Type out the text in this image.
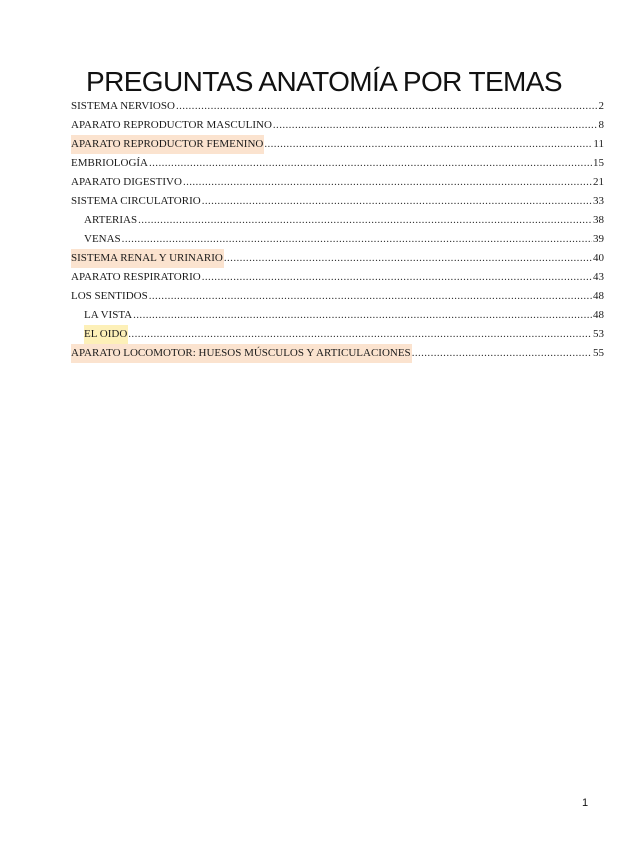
PREGUNTAS ANATOMÍA POR TEMAS
SISTEMA NERVIOSO .....	2
APARATO REPRODUCTOR MASCULINO .....	8
APARATO REPRODUCTOR FEMENINO .....	11
EMBRIOLOGÍA .....	15
APARATO DIGESTIVO .....	21
SISTEMA CIRCULATORIO .....	33
ARTERIAS .....	38
VENAS .....	39
SISTEMA RENAL Y URINARIO .....	40
APARATO RESPIRATORIO .....	43
LOS SENTIDOS .....	48
LA VISTA .....	48
EL OIDO .....	53
APARATO LOCOMOTOR: HUESOS MÚSCULOS Y ARTICULACIONES .....	55
1
